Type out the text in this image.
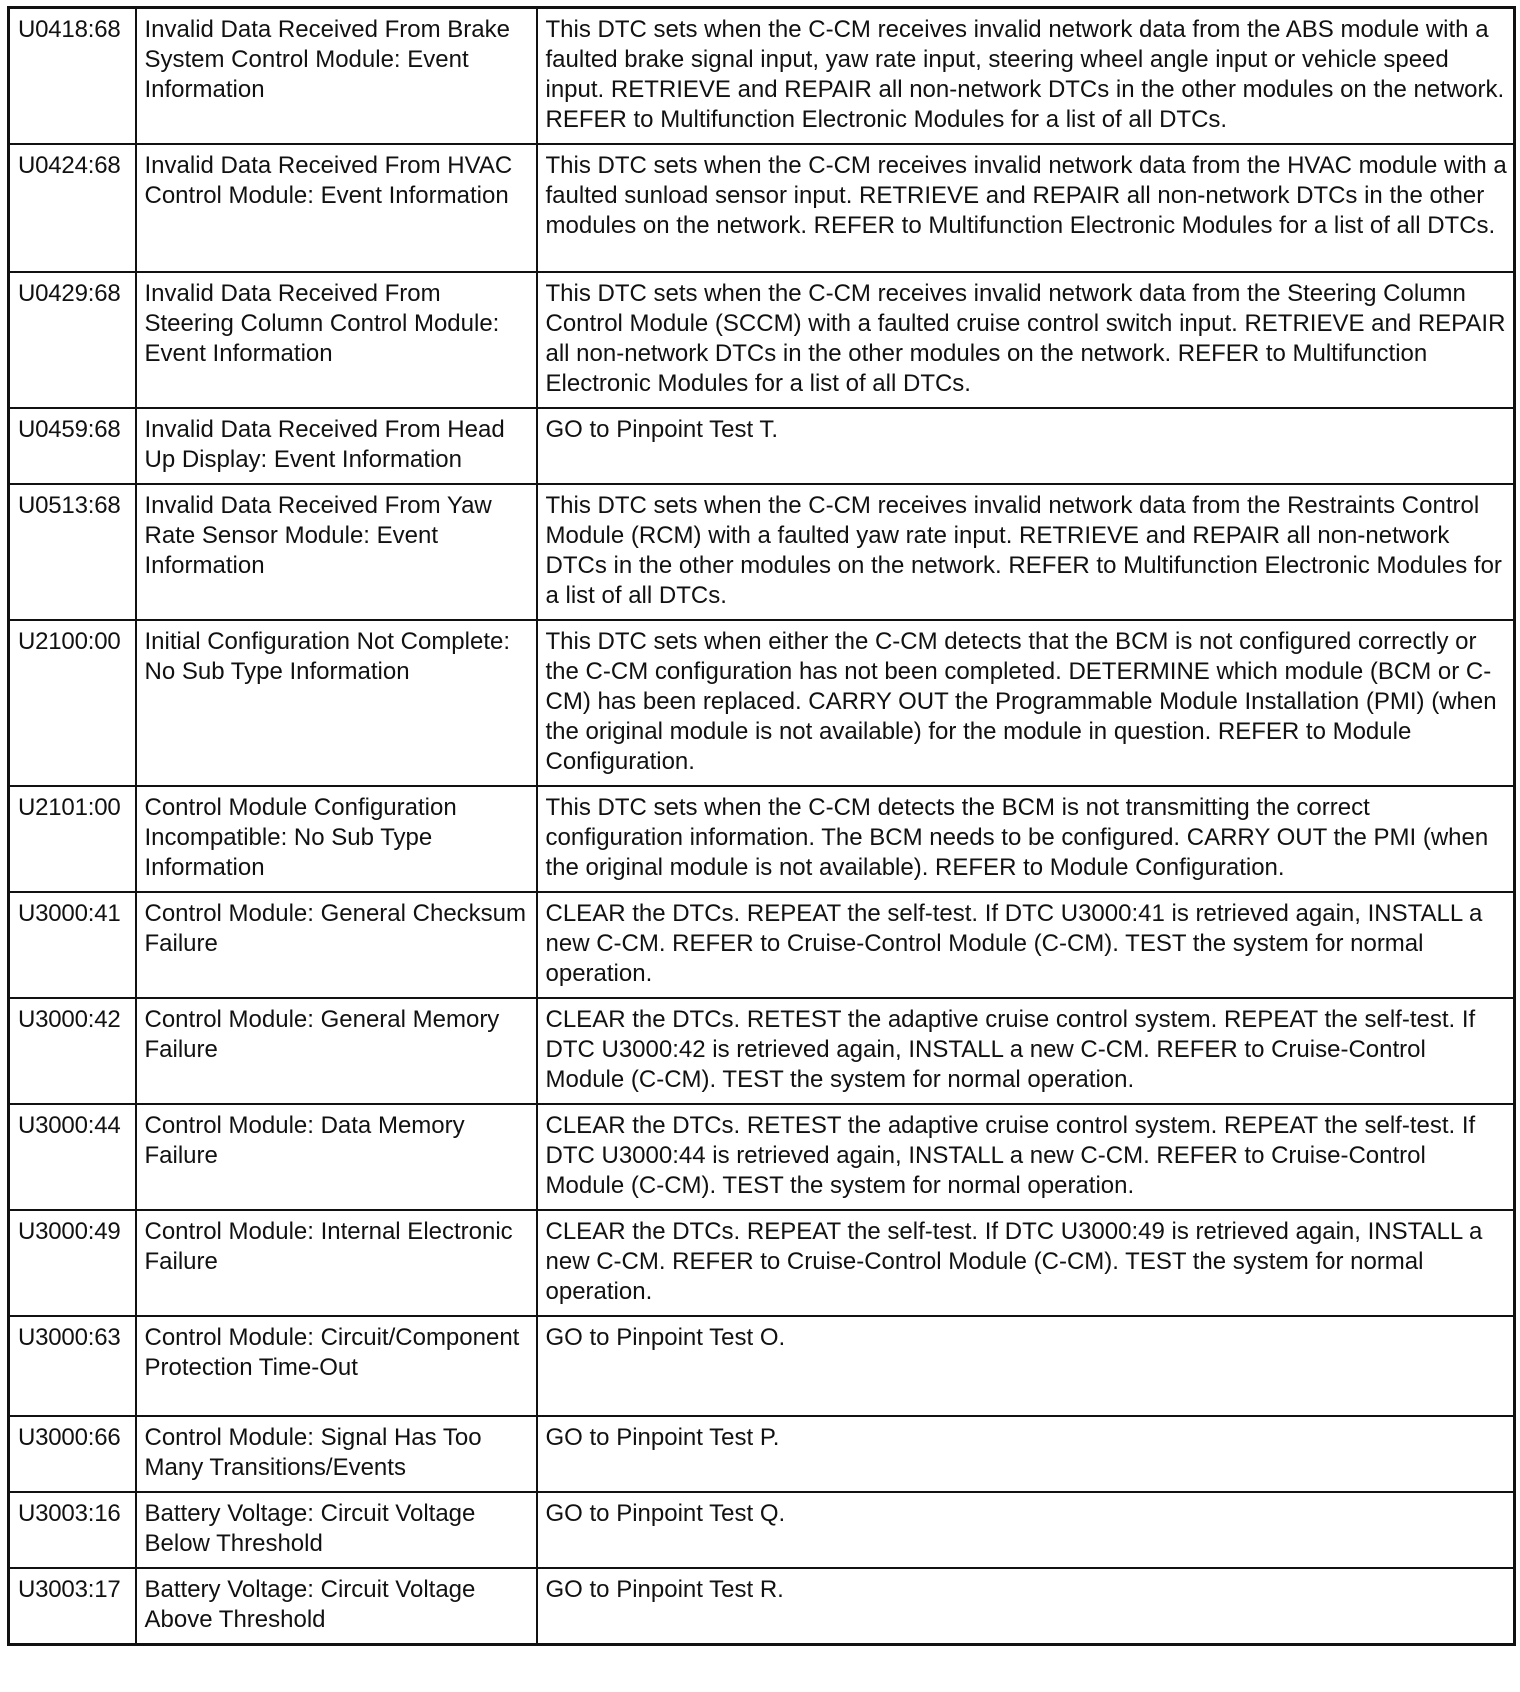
U0418:68	Invalid Data Received From Brake System Control Module: Event Information	This DTC sets when the C-CM receives invalid network data from the ABS module with a faulted brake signal input, yaw rate input, steering wheel angle input or vehicle speed input. RETRIEVE and REPAIR all non-network DTCs in the other modules on the network. REFER to Multifunction Electronic Modules for a list of all DTCs.
U0424:68	Invalid Data Received From HVAC Control Module: Event Information	This DTC sets when the C-CM receives invalid network data from the HVAC module with a faulted sunload sensor input. RETRIEVE and REPAIR all non-network DTCs in the other modules on the network. REFER to Multifunction Electronic Modules for a list of all DTCs.
U0429:68	Invalid Data Received From Steering Column Control Module: Event Information	This DTC sets when the C-CM receives invalid network data from the Steering Column Control Module (SCCM) with a faulted cruise control switch input. RETRIEVE and REPAIR all non-network DTCs in the other modules on the network. REFER to Multifunction Electronic Modules for a list of all DTCs.
U0459:68	Invalid Data Received From Head Up Display: Event Information	GO to Pinpoint Test T.
U0513:68	Invalid Data Received From Yaw Rate Sensor Module: Event Information	This DTC sets when the C-CM receives invalid network data from the Restraints Control Module (RCM) with a faulted yaw rate input. RETRIEVE and REPAIR all non-network DTCs in the other modules on the network. REFER to Multifunction Electronic Modules for a list of all DTCs.
U2100:00	Initial Configuration Not Complete: No Sub Type Information	This DTC sets when either the C-CM detects that the BCM is not configured correctly or the C-CM configuration has not been completed. DETERMINE which module (BCM or C-CM) has been replaced. CARRY OUT the Programmable Module Installation (PMI) (when the original module is not available) for the module in question. REFER to Module Configuration.
U2101:00	Control Module Configuration Incompatible: No Sub Type Information	This DTC sets when the C-CM detects the BCM is not transmitting the correct configuration information. The BCM needs to be configured. CARRY OUT the PMI (when the original module is not available). REFER to Module Configuration.
U3000:41	Control Module: General Checksum Failure	CLEAR the DTCs. REPEAT the self-test. If DTC U3000:41 is retrieved again, INSTALL a new C-CM. REFER to Cruise-Control Module (C-CM). TEST the system for normal operation.
U3000:42	Control Module: General Memory Failure	CLEAR the DTCs. RETEST the adaptive cruise control system. REPEAT the self-test. If DTC U3000:42 is retrieved again, INSTALL a new C-CM. REFER to Cruise-Control Module (C-CM). TEST the system for normal operation.
U3000:44	Control Module: Data Memory Failure	CLEAR the DTCs. RETEST the adaptive cruise control system. REPEAT the self-test. If DTC U3000:44 is retrieved again, INSTALL a new C-CM. REFER to Cruise-Control Module (C-CM). TEST the system for normal operation.
U3000:49	Control Module: Internal Electronic Failure	CLEAR the DTCs. REPEAT the self-test. If DTC U3000:49 is retrieved again, INSTALL a new C-CM. REFER to Cruise-Control Module (C-CM). TEST the system for normal operation.
U3000:63	Control Module: Circuit/Component Protection Time-Out	GO to Pinpoint Test O.
U3000:66	Control Module: Signal Has Too Many Transitions/Events	GO to Pinpoint Test P.
U3003:16	Battery Voltage: Circuit Voltage Below Threshold	GO to Pinpoint Test Q.
U3003:17	Battery Voltage: Circuit Voltage Above Threshold	GO to Pinpoint Test R.
